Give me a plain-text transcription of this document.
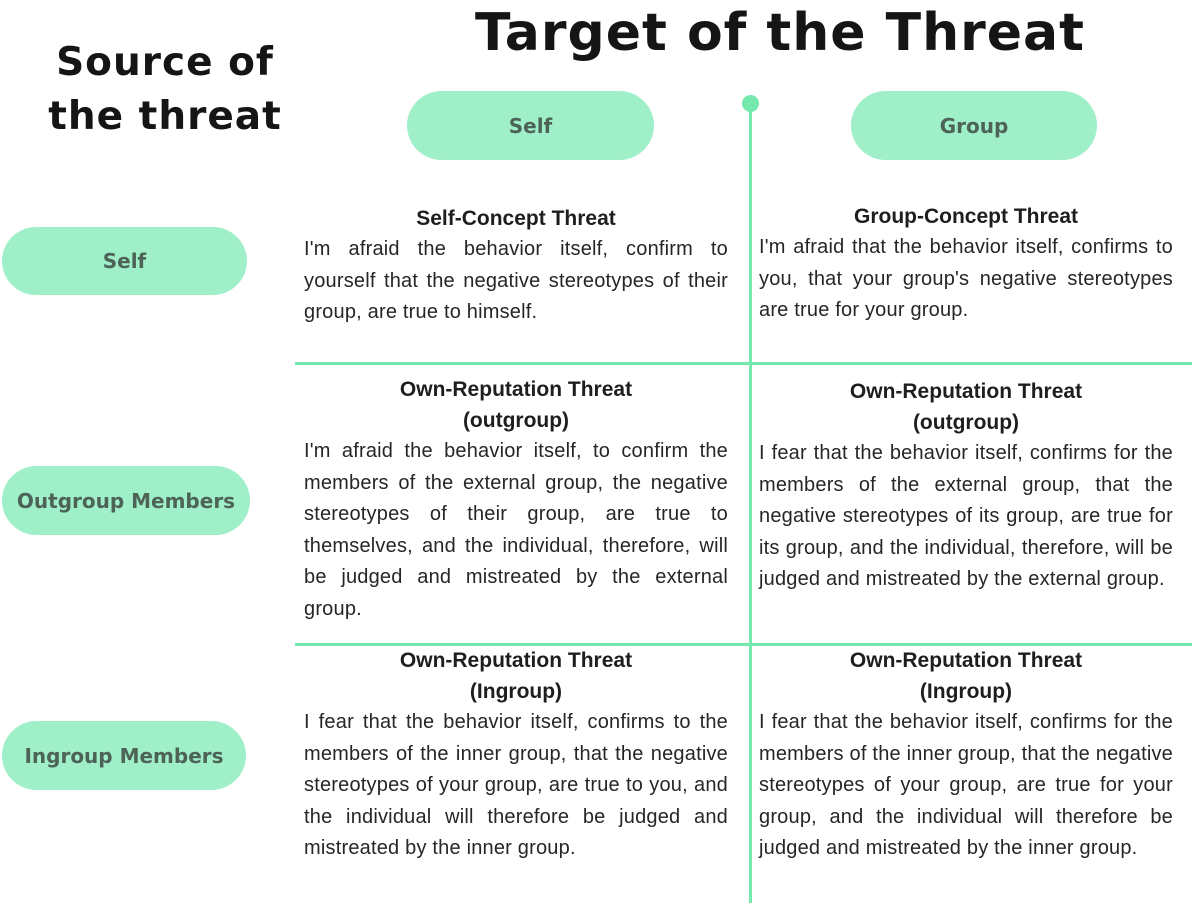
Target of the Threat
Source of the threat	Self	Group
Self
Outgroup Members
Ingroup Members
Self-Concept Threat
I'm afraid the behavior itself, confirm to yourself that the negative stereotypes of their group, are true to himself.
Group-Concept Threat
I'm afraid that the behavior itself, confirms to you, that your group's negative stereotypes are true for your group.
Own-Reputation Threat
(outgroup)
I'm afraid the behavior itself, to confirm the members of the external group, the negative stereotypes of their group, are true to themselves, and the individual, therefore, will be judged and mistreated by the external group.
Own-Reputation Threat
(outgroup)
I fear that the behavior itself, confirms for the members of the external group, that the negative stereotypes of its group, are true for its group, and the individual, therefore, will be judged and mistreated by the external group.
Own-Reputation Threat
(Ingroup)
I fear that the behavior itself, confirms to the members of the inner group, that the negative stereotypes of your group, are true to you, and the individual will therefore be judged and mistreated by the inner group.
Own-Reputation Threat
(Ingroup)
I fear that the behavior itself, confirms for the members of the inner group, that the negative stereotypes of your group, are true for your group, and the individual will therefore be judged and mistreated by the inner group.
